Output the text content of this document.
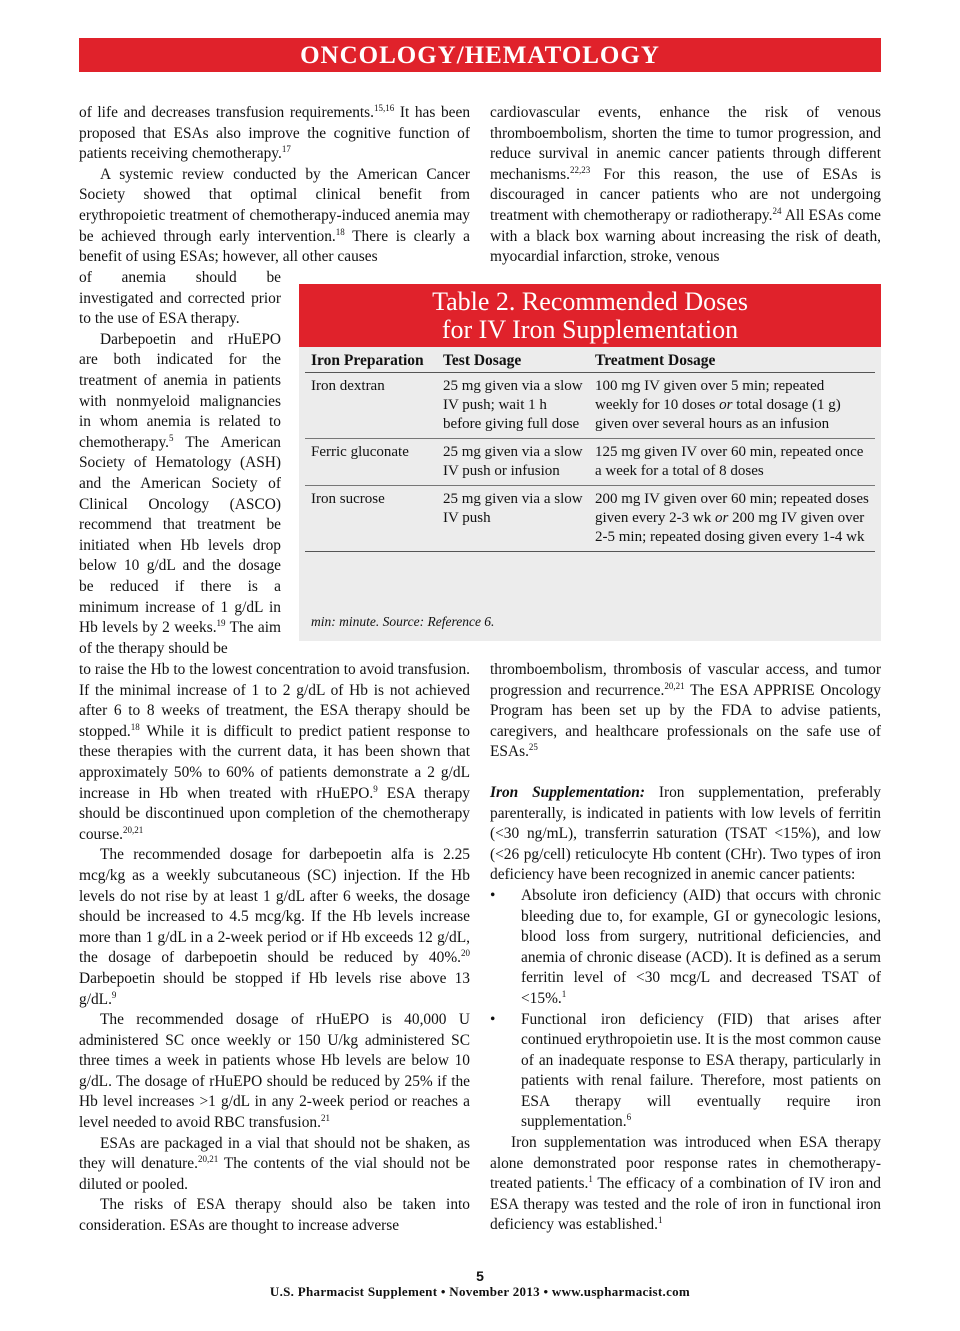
ONCOLOGY/HEMATOLOGY

of life and decreases transfusion requirements.$^{15,16}$ It has been proposed that ESAs also improve the cognitive function of patients receiving chemotherapy.$^{17}$

A systemic review conducted by the American Cancer Society showed that optimal clinical benefit from erythropoietic treatment of chemotherapy-induced anemia may be achieved through early intervention.$^{18}$ There is clearly a benefit of using ESAs; however, all other causes

of anemia should be investigated and corrected prior to the use of ESA therapy.

Darbepoetin and rHuEPO are both indicated for the treatment of anemia in patients with nonmyeloid malignancies in whom anemia is related to chemotherapy.$^5$ The American Society of Hematology (ASH) and the American Society of Clinical Oncology (ASCO) recommend that treatment be initiated when Hb levels drop below 10 g/dL and the dosage be reduced if there is a minimum increase of 1 g/dL in Hb levels by 2 weeks.$^{19}$ The aim of the therapy should be

to raise the Hb to the lowest concentration to avoid transfusion. If the minimal increase of 1 to 2 g/dL of Hb is not achieved after 6 to 8 weeks of treatment, the ESA therapy should be stopped.$^{18}$ While it is difficult to predict patient response to these therapies with the current data, it has been shown that approximately 50% to 60% of patients demonstrate a 2 g/dL increase in Hb when treated with rHuEPO.$^9$ ESA therapy should be discontinued upon completion of the chemotherapy course.$^{20,21}$

The recommended dosage for darbepoetin alfa is 2.25 mcg/kg as a weekly subcutaneous (SC) injection. If the Hb levels do not rise by at least 1 g/dL after 6 weeks, the dosage should be increased to 4.5 mcg/kg. If the Hb levels increase more than 1 g/dL in a 2-week period or if Hb exceeds 12 g/dL, the dosage of darbepoetin should be reduced by 40%.$^{20}$ Darbepoetin should be stopped if Hb levels rise above 13 g/dL.$^9$

The recommended dosage of rHuEPO is 40,000 U administered SC once weekly or 150 U/kg administered SC three times a week in patients whose Hb levels are below 10 g/dL. The dosage of rHuEPO should be reduced by 25% if the Hb level increases >1 g/dL in any 2-week period or reaches a level needed to avoid RBC transfusion.$^{21}$

ESAs are packaged in a vial that should not be shaken, as they will denature.$^{20,21}$ The contents of the vial should not be diluted or pooled.

The risks of ESA therapy should also be taken into consideration. ESAs are thought to increase adverse

cardiovascular events, enhance the risk of venous thromboembolism, shorten the time to tumor progression, and reduce survival in anemic cancer patients through different mechanisms.$^{22,23}$ For this reason, the use of ESAs is discouraged in cancer patients who are not undergoing treatment with chemotherapy or radiotherapy.$^{24}$ All ESAs come with a black box warning about increasing the risk of death, myocardial infarction, stroke, venous

Table 2. Recommended Doses
for IV Iron Supplementation
Iron Preparation	Test Dosage	Treatment Dosage
Iron dextran	25 mg given via a slow IV push; wait 1 h before giving full dose	100 mg IV given over 5 min; repeated weekly for 10 doses or total dosage (1 g) given over several hours as an infusion
Ferric gluconate	25 mg given via a slow IV push or infusion	125 mg given IV over 60 min, repeated once a week for a total of 8 doses
Iron sucrose	25 mg given via a slow IV push	200 mg IV given over 60 min; repeated doses given every 2-3 wk or 200 mg IV given over 2-5 min; repeated dosing given every 1-4 wk
min: minute. Source: Reference 6.

thromboembolism, thrombosis of vascular access, and tumor progression and recurrence.$^{20,21}$ The ESA APPRISE Oncology Program has been set up by the FDA to advise patients, caregivers, and healthcare professionals on the safe use of ESAs.$^{25}$

Iron Supplementation: Iron supplementation, preferably parenterally, is indicated in patients with low levels of ferritin (<30 ng/mL), transferrin saturation (TSAT <15%), and low (<26 pg/cell) reticulocyte Hb content (CHr). Two types of iron deficiency have been recognized in anemic cancer patients:

• Absolute iron deficiency (AID) that occurs with chronic bleeding due to, for example, GI or gynecologic lesions, blood loss from surgery, nutritional deficiencies, and anemia of chronic disease (ACD). It is defined as a serum ferritin level of <30 mcg/L and decreased TSAT of <15%.$^1$
• Functional iron deficiency (FID) that arises after continued erythropoietin use. It is the most common cause of an inadequate response to ESA therapy, particularly in patients with renal failure. Therefore, most patients on ESA therapy will eventually require iron supplementation.$^6$

Iron supplementation was introduced when ESA therapy alone demonstrated poor response rates in chemotherapy-treated patients.$^1$ The efficacy of a combination of IV iron and ESA therapy was tested and the role of iron in functional iron deficiency was established.$^1$

5
U.S. Pharmacist Supplement • November 2013 • www.uspharmacist.com
